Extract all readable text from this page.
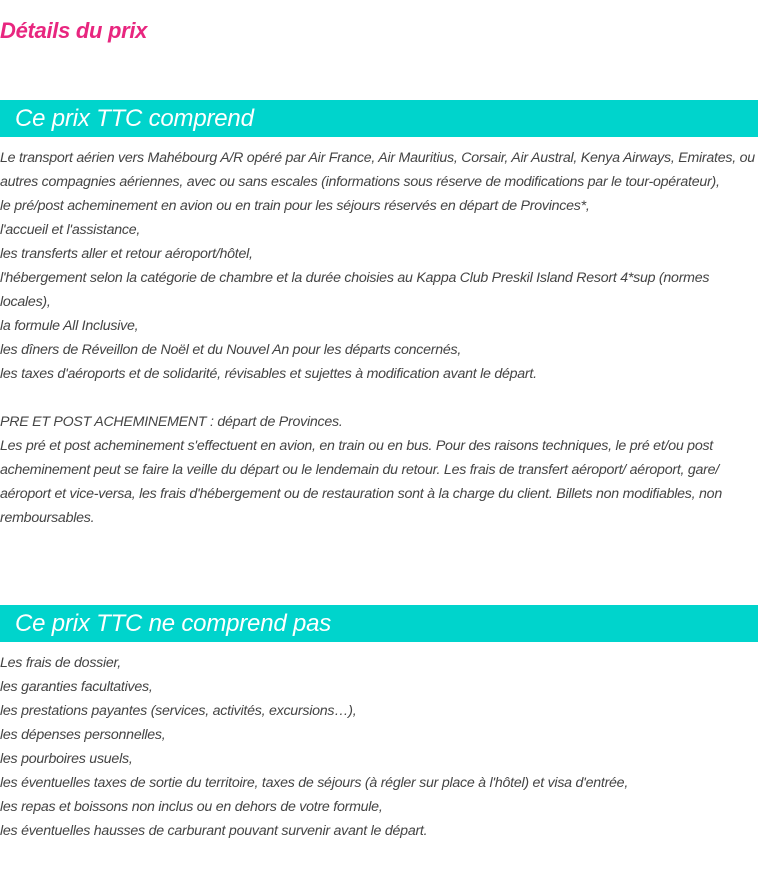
Détails du prix
Ce prix TTC comprend
Le transport aérien vers Mahébourg A/R opéré par Air France, Air Mauritius, Corsair, Air Austral, Kenya Airways, Emirates, ou autres compagnies aériennes, avec ou sans escales (informations sous réserve de modifications par le tour-opérateur),
le pré/post acheminement en avion ou en train pour les séjours réservés en départ de Provinces*,
l'accueil et l'assistance,
les transferts aller et retour aéroport/hôtel,
l'hébergement selon la catégorie de chambre et la durée choisies au Kappa Club Preskil Island Resort 4*sup (normes locales),
la formule All Inclusive,
les dîners de Réveillon de Noël et du Nouvel An pour les départs concernés,
les taxes d'aéroports et de solidarité, révisables et sujettes à modification avant le départ.
PRE ET POST ACHEMINEMENT : départ de Provinces.
Les pré et post acheminement s'effectuent en avion, en train ou en bus. Pour des raisons techniques, le pré et/ou post acheminement peut se faire la veille du départ ou le lendemain du retour. Les frais de transfert aéroport/ aéroport, gare/ aéroport et vice-versa, les frais d'hébergement ou de restauration sont à la charge du client. Billets non modifiables, non remboursables.
Ce prix TTC ne comprend pas
Les frais de dossier,
les garanties facultatives,
les prestations payantes (services, activités, excursions…),
les dépenses personnelles,
les pourboires usuels,
les éventuelles taxes de sortie du territoire, taxes de séjours (à régler sur place à l'hôtel) et visa d'entrée,
les repas et boissons non inclus ou en dehors de votre formule,
les éventuelles hausses de carburant pouvant survenir avant le départ.
